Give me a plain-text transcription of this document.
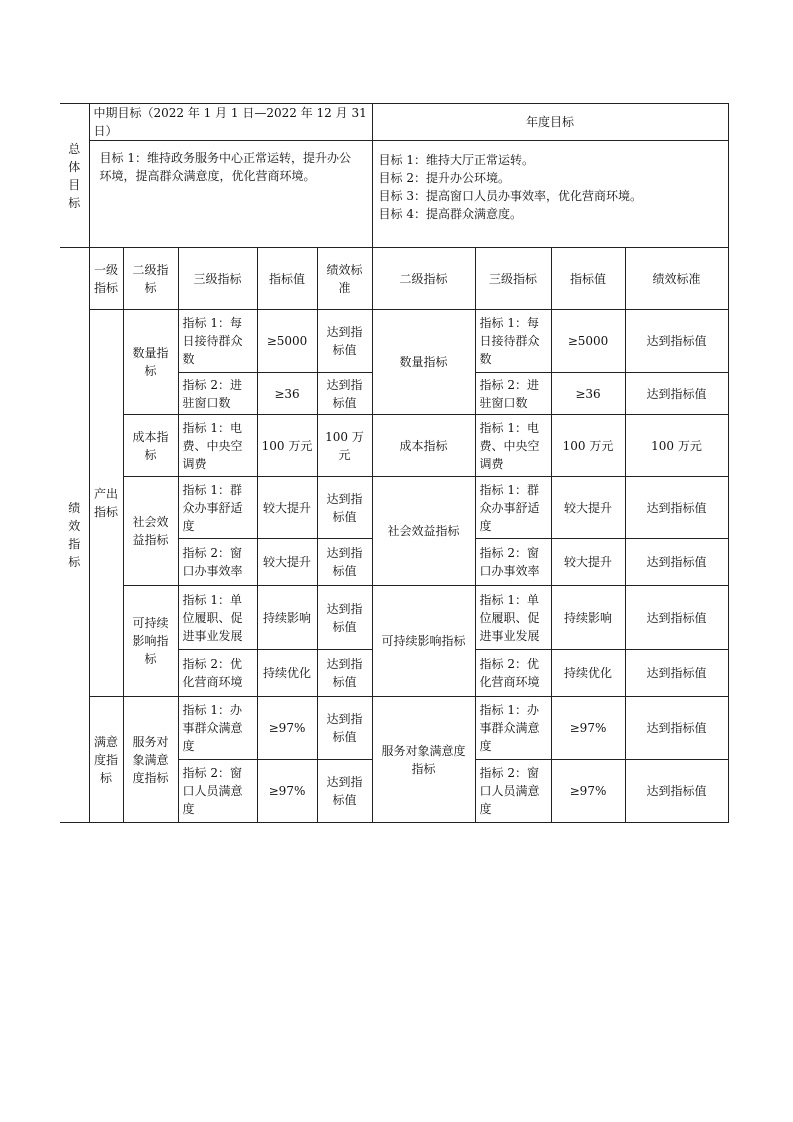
总体目标	中期目标（2022 年 1 月 1 日—2022 年 12 月 31 日）					年度目标			
	目标 1：维持政务服务中心正常运转，提升办公环境，提高群众满意度，优化营商环境。					目标 1：维持大厅正常运转。
目标 2：提升办公环境。
目标 3：提高窗口人员办事效率，优化营商环境。
目标 4：提高群众满意度。			

绩效指标	一级指标	二级指标	三级指标	指标值	绩效标准	二级指标	三级指标	指标值	绩效标准
	产出指标	数量指标	指标 1：每日接待群众数	≥5000	达到指标值	数量指标	指标 1：每日接待群众数	≥5000	达到指标值
			指标 2：进驻窗口数	≥36	达到指标值		指标 2：进驻窗口数	≥36	达到指标值
		成本指标	指标 1：电费、中央空调费	100 万元	100 万元	成本指标	指标 1：电费、中央空调费	100 万元	100 万元
		社会效益指标	指标 1：群众办事舒适度	较大提升	达到指标值	社会效益指标	指标 1：群众办事舒适度	较大提升	达到指标值
			指标 2：窗口办事效率	较大提升	达到指标值		指标 2：窗口办事效率	较大提升	达到指标值
		可持续影响指标	指标 1：单位履职、促进事业发展	持续影响	达到指标值	可持续影响指标	指标 1：单位履职、促进事业发展	持续影响	达到指标值
			指标 2：优化营商环境	持续优化	达到指标值		指标 2：优化营商环境	持续优化	达到指标值
	满意度指标	服务对象满意度指标	指标 1：办事群众满意度	≥97%	达到指标值	服务对象满意度指标	指标 1：办事群众满意度	≥97%	达到指标值
			指标 2：窗口人员满意度	≥97%	达到指标值		指标 2：窗口人员满意度	≥97%	达到指标值
